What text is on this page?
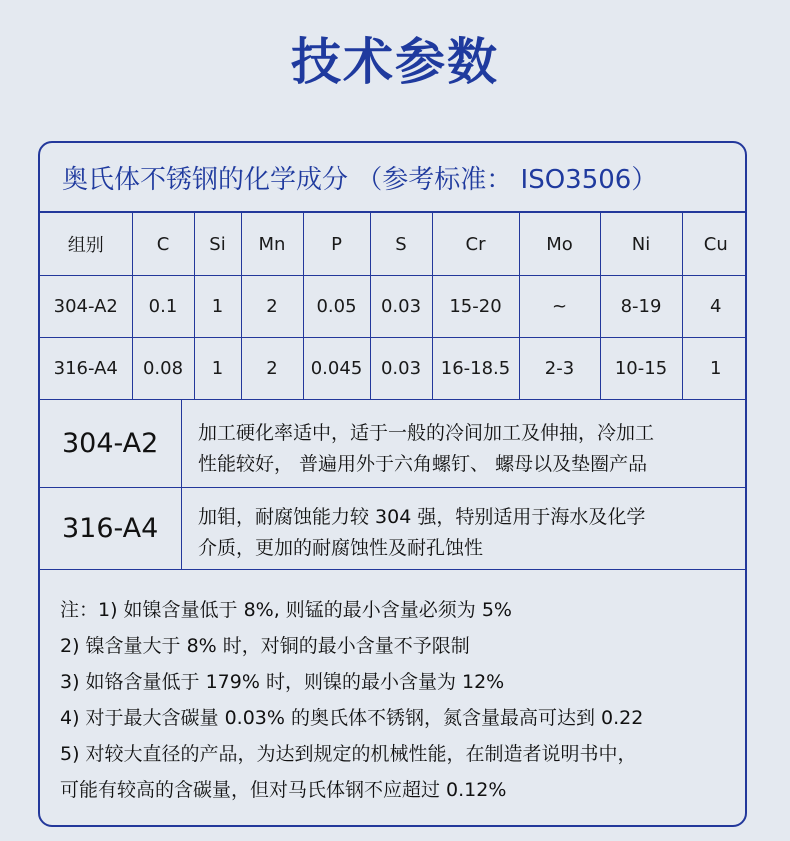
技术参数
奥氏体不锈钢的化学成分 （参考标准： ISO3506）
组别	C	Si	Mn	P	S	Cr	Mo	Ni	Cu
304-A2	0.1	1	2	0.05	0.03	15-20	~	8-19	4
316-A4	0.08	1	2	0.045	0.03	16-18.5	2-3	10-15	1
304-A2	加工硬化率适中，适于一般的冷间加工及伸抽，冷加工
性能较好， 普遍用外于六角螺钉、 螺母以及垫圈产品
316-A4	加钼，耐腐蚀能力较 304 强，特别适用于海水及化学
介质，更加的耐腐蚀性及耐孔蚀性
注：1) 如镍含量低于 8%, 则锰的最小含量必须为 5%
2) 镍含量大于 8% 时，对铜的最小含量不予限制
3) 如铬含量低于 179% 时，则镍的最小含量为 12%
4) 对于最大含碳量 0.03% 的奥氏体不锈钢，氮含量最高可达到 0.22
5) 对较大直径的产品，为达到规定的机械性能，在制造者说明书中，
可能有较高的含碳量，但对马氏体钢不应超过 0.12%
